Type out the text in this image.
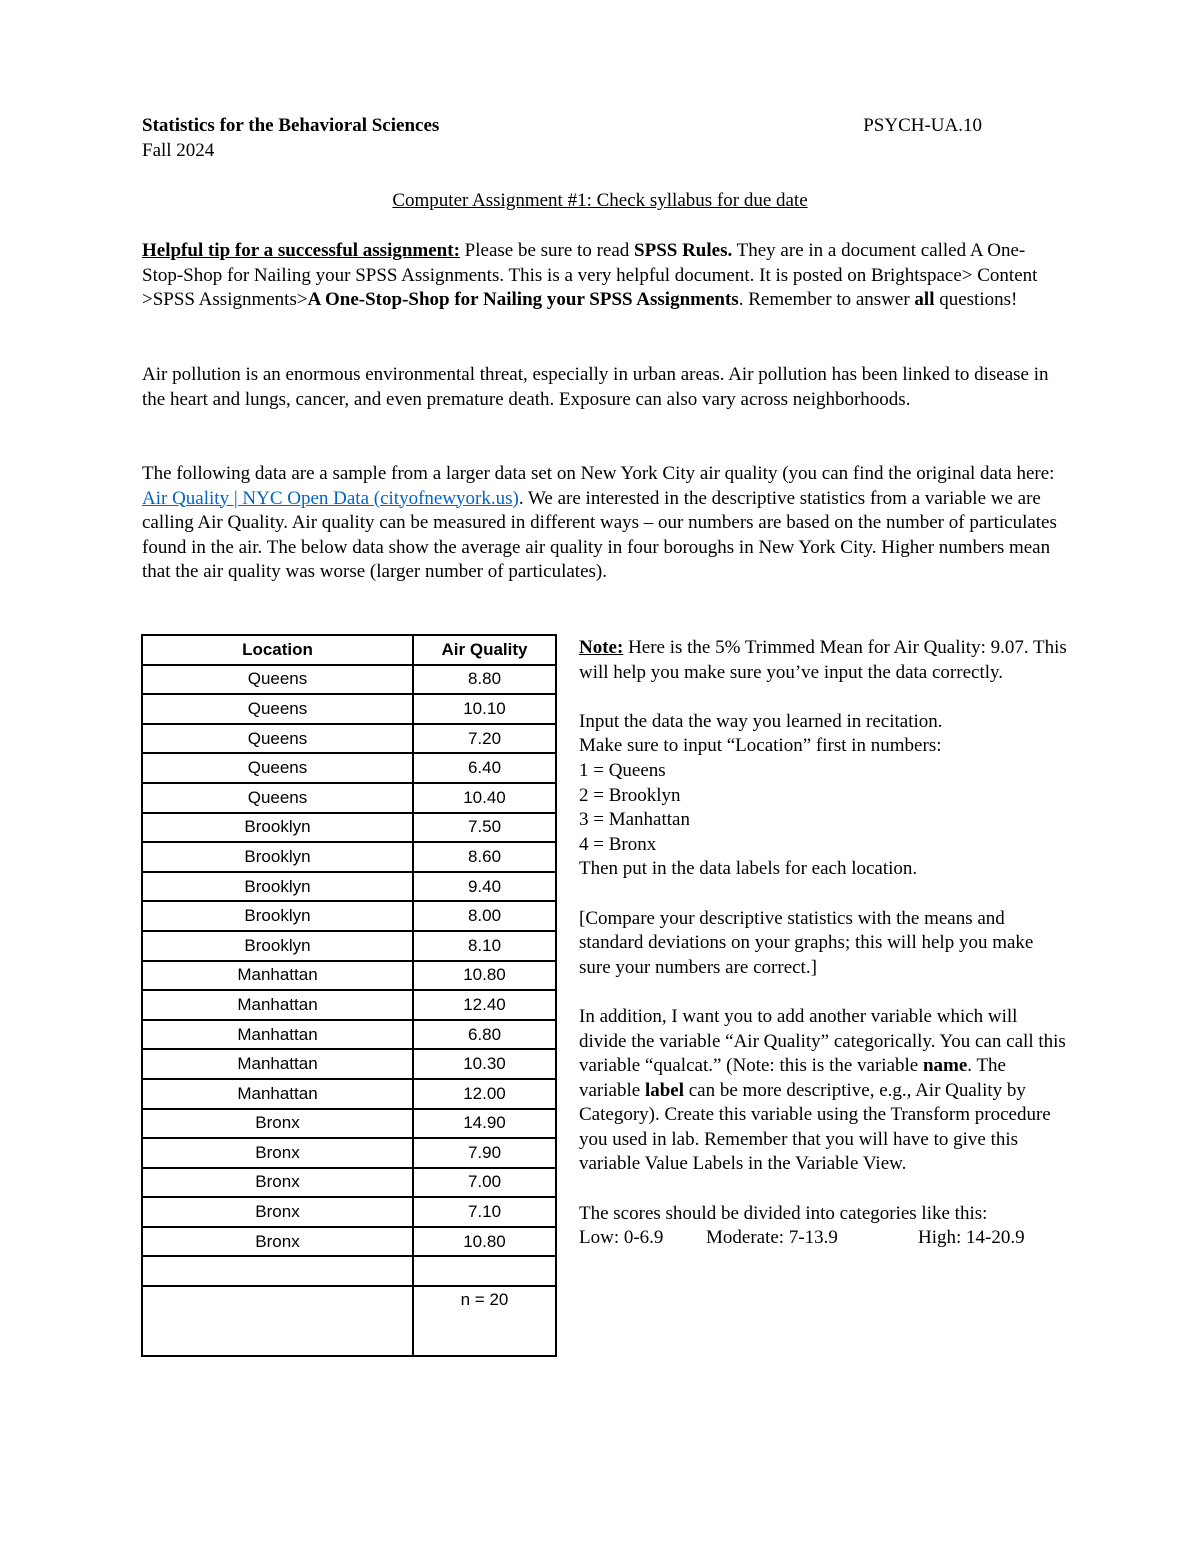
Statistics for the Behavioral Sciences	PSYCH-UA.10
Fall 2024
Computer Assignment #1: Check syllabus for due date

Helpful tip for a successful assignment: Please be sure to read SPSS Rules. They are in a document called A One-Stop-Shop for Nailing your SPSS Assignments. This is a very helpful document. It is posted on Brightspace> Content >SPSS Assignments>A One-Stop-Shop for Nailing your SPSS Assignments. Remember to answer all questions!

Air pollution is an enormous environmental threat, especially in urban areas. Air pollution has been linked to disease in the heart and lungs, cancer, and even premature death. Exposure can also vary across neighborhoods.

The following data are a sample from a larger data set on New York City air quality (you can find the original data here: Air Quality | NYC Open Data (cityofnewyork.us). We are interested in the descriptive statistics from a variable we are calling Air Quality. Air quality can be measured in different ways – our numbers are based on the number of particulates found in the air. The below data show the average air quality in four boroughs in New York City. Higher numbers mean that the air quality was worse (larger number of particulates).

Location	Air Quality
Queens	8.80
Queens	10.10
Queens	7.20
Queens	6.40
Queens	10.40
Brooklyn	7.50
Brooklyn	8.60
Brooklyn	9.40
Brooklyn	8.00
Brooklyn	8.10
Manhattan	10.80
Manhattan	12.40
Manhattan	6.80
Manhattan	10.30
Manhattan	12.00
Bronx	14.90
Bronx	7.90
Bronx	7.00
Bronx	7.10
Bronx	10.80

	n = 20

Note: Here is the 5% Trimmed Mean for Air Quality: 9.07. This will help you make sure you’ve input the data correctly.

Input the data the way you learned in recitation.

Make sure to input “Location” first in numbers:

1 = Queens

2 = Brooklyn

3 = Manhattan

4 = Bronx

Then put in the data labels for each location.

[Compare your descriptive statistics with the means and standard deviations on your graphs; this will help you make sure your numbers are correct.]

In addition, I want you to add another variable which will divide the variable “Air Quality” categorically. You can call this variable “qualcat.” (Note: this is the variable name. The variable label can be more descriptive, e.g., Air Quality by Category). Create this variable using the Transform procedure you used in lab. Remember that you will have to give this variable Value Labels in the Variable View.

The scores should be divided into categories like this:

Low: 0-6.9	Moderate: 7-13.9	High: 14-20.9
